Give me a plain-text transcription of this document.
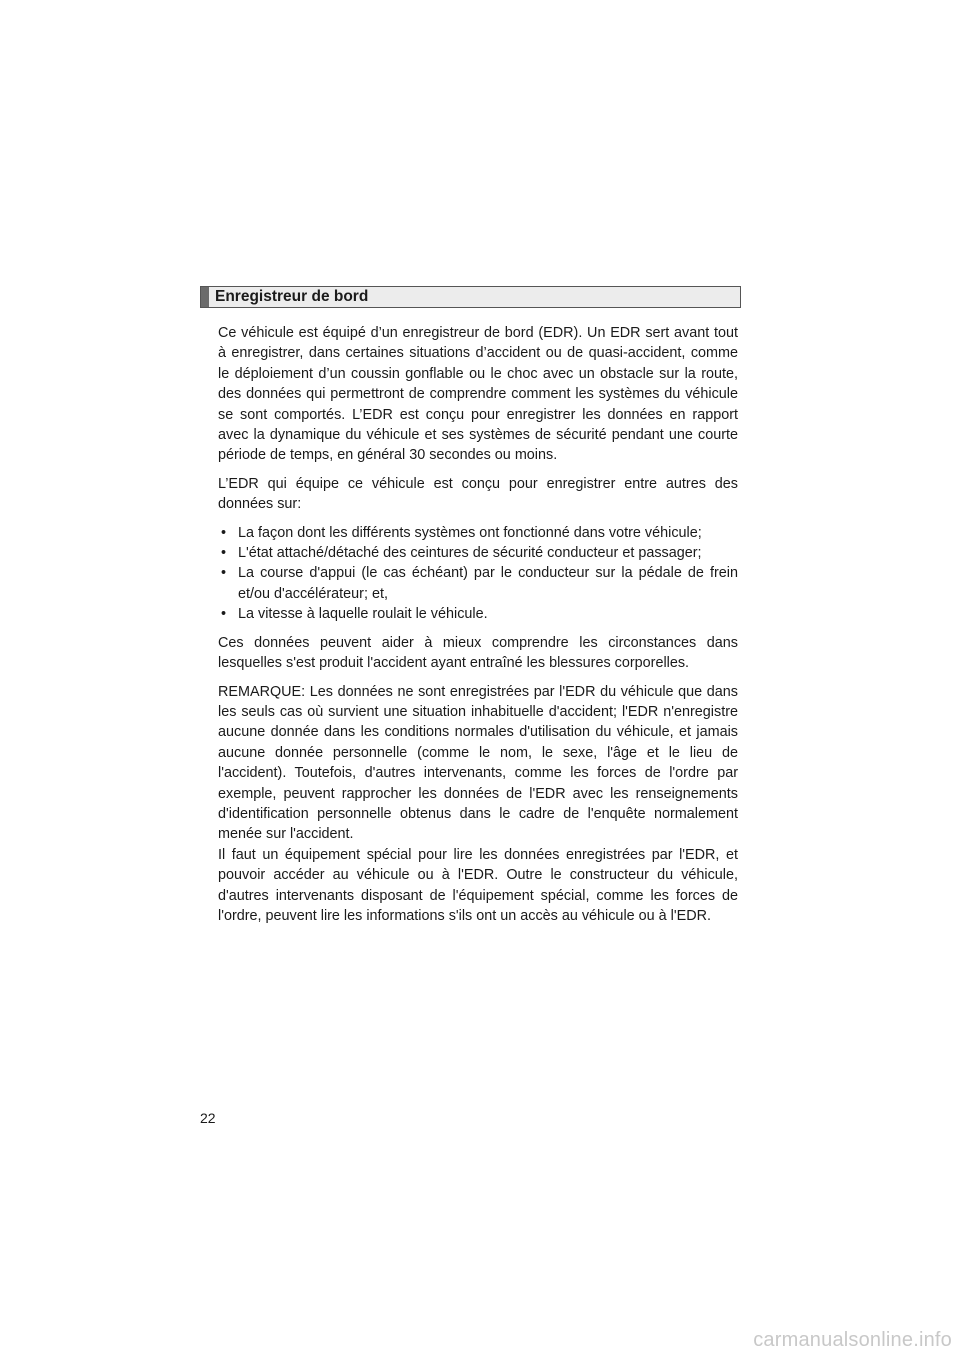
Enregistreur de bord

Ce véhicule est équipé d’un enregistreur de bord (EDR). Un EDR sert avant tout à enregistrer, dans certaines situations d’accident ou de quasi-accident, comme le déploiement d’un coussin gonflable ou le choc avec un obstacle sur la route, des données qui permettront de comprendre comment les systèmes du véhicule se sont comportés. L’EDR est conçu pour enregistrer les données en rapport avec la dynamique du véhicule et ses systèmes de sécurité pendant une courte période de temps, en général 30 secondes ou moins.

L’EDR qui équipe ce véhicule est conçu pour enregistrer entre autres des données sur:

• La façon dont les différents systèmes ont fonctionné dans votre véhicule;
• L'état attaché/détaché des ceintures de sécurité conducteur et passager;
• La course d'appui (le cas échéant) par le conducteur sur la pédale de frein et/ou d'accélérateur; et,
• La vitesse à laquelle roulait le véhicule.

Ces données peuvent aider à mieux comprendre les circonstances dans lesquelles s'est produit l'accident ayant entraîné les blessures corporelles.

REMARQUE: Les données ne sont enregistrées par l'EDR du véhicule que dans les seuls cas où survient une situation inhabituelle d'accident; l'EDR n'enregistre aucune donnée dans les conditions normales d'utilisation du véhicule, et jamais aucune donnée personnelle (comme le nom, le sexe, l'âge et le lieu de l'accident). Toutefois, d'autres intervenants, comme les forces de l'ordre par exemple, peuvent rapprocher les données de l'EDR avec les renseignements d'identification personnelle obtenus dans le cadre de l'enquête normalement menée sur l'accident.

Il faut un équipement spécial pour lire les données enregistrées par l'EDR, et pouvoir accéder au véhicule ou à l'EDR. Outre le constructeur du véhicule, d'autres intervenants disposant de l'équipement spécial, comme les forces de l'ordre, peuvent lire les informations s'ils ont un accès au véhicule ou à l'EDR.

22
carmanualsonline.info
